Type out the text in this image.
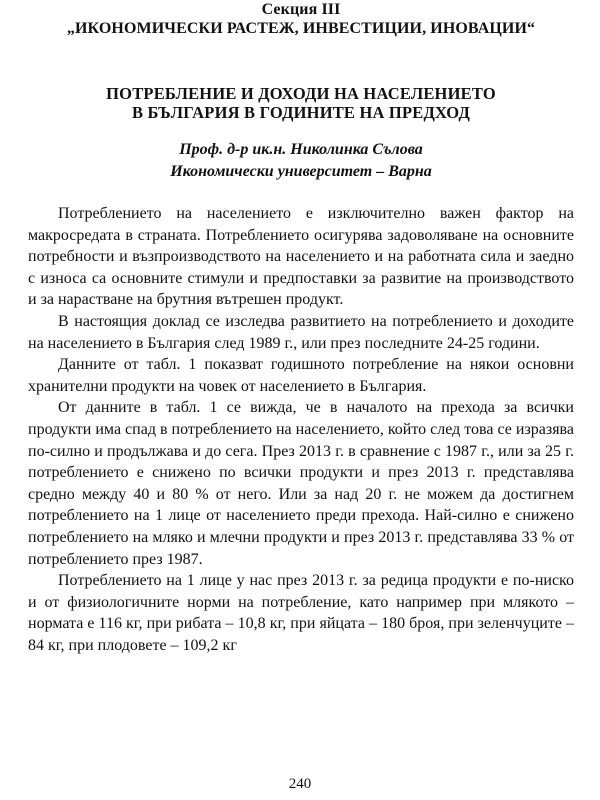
Секция III
„ИКОНОМИЧЕСКИ РАСТЕЖ, ИНВЕСТИЦИИ, ИНОВАЦИИ“
ПОТРЕБЛЕНИЕ И ДОХОДИ НА НАСЕЛЕНИЕТО
В БЪЛГАРИЯ В ГОДИНИТЕ НА ПРЕДХОД
Проф. д-р ик.н. Николинка Сълова
Икономически университет – Варна

Потреблението на населението е изключително важен фактор на макросредата в страната. Потреблението осигурява задоволяване на основните потребности и възпроизводството на населението и на работната сила и заедно с износа са основните стимули и предпоставки за развитие на производството и за нарастване на брутния вътрешен продукт.

В настоящия доклад се изследва развитието на потреблението и доходите на населението в България след 1989 г., или през последните 24-25 години.

Данните от табл. 1 показват годишното потребление на някои основни хранителни продукти на човек от населението в България.

От данните в табл. 1 се вижда, че в началото на прехода за всички продукти има спад в потреблението на населението, който след това се изразява по-силно и продължава и до сега. През 2013 г. в сравнение с 1987 г., или за 25 г. потреблението е снижено по всички продукти и през 2013 г. представлява средно между 40 и 80 % от него. Или за над 20 г. не можем да достигнем потреблението на 1 лице от населението преди прехода. Най-силно е снижено потреблението на мляко и млечни продукти и през 2013 г. представлява 33 % от потреблението през 1987.

Потреблението на 1 лице у нас през 2013 г. за редица продукти е по-ниско и от физиологичните норми на потребление, като например при млякото – нормата е 116 кг, при рибата – 10,8 кг, при яйцата – 180 броя, при зеленчуците – 84 кг, при плодовете – 109,2 кг

240
